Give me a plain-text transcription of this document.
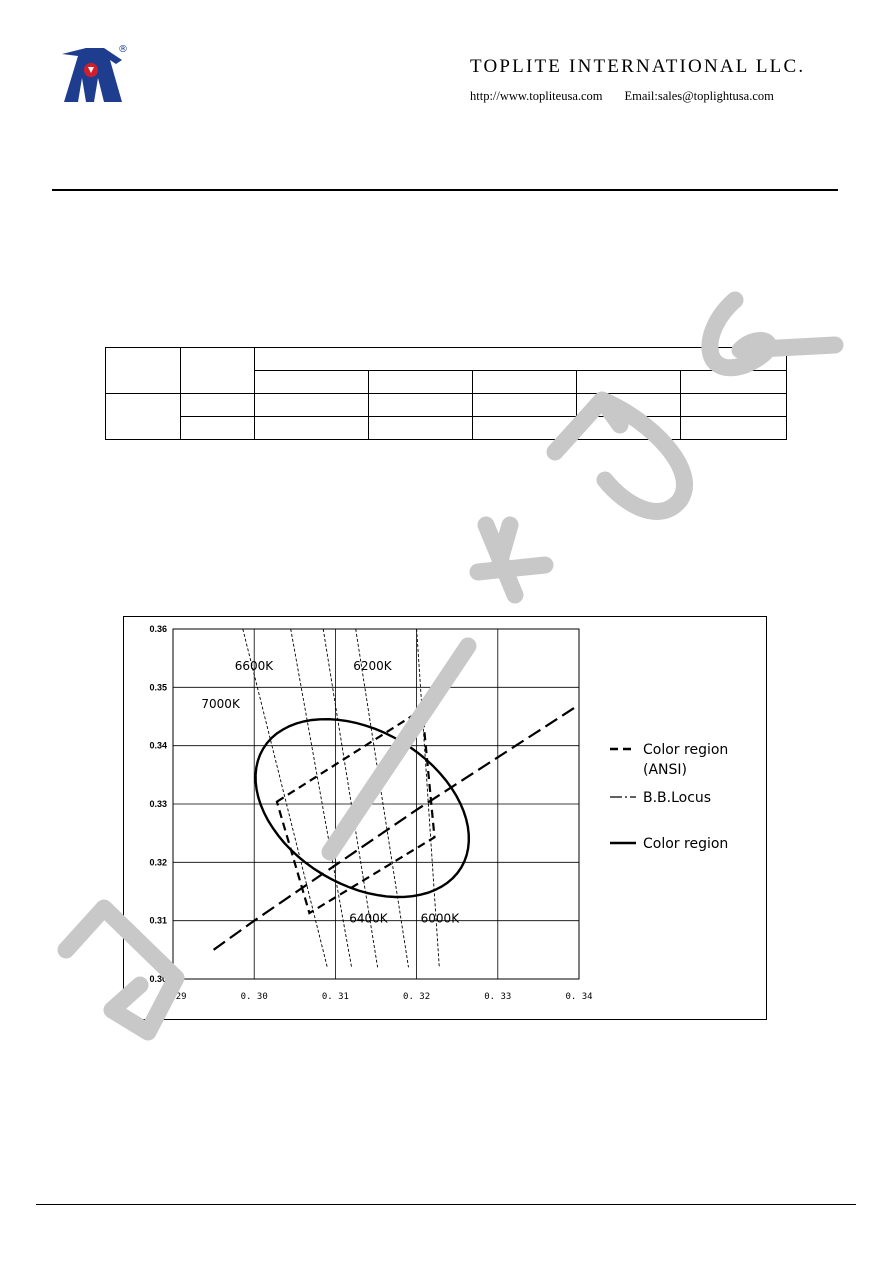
®
TOPLITE INTERNATIONAL LLC.
http://www.topliteusa.com Email:sales@toplightusa.com

0. 29	0. 30	0. 31	0. 32	0. 33	0. 34
0.30
0.31
0.32
0.33
0.34
0.35
0.36
7000K
6600K
6400K
6200K
6000K
Color region
(ANSI)
B.B.Locus
Color region
